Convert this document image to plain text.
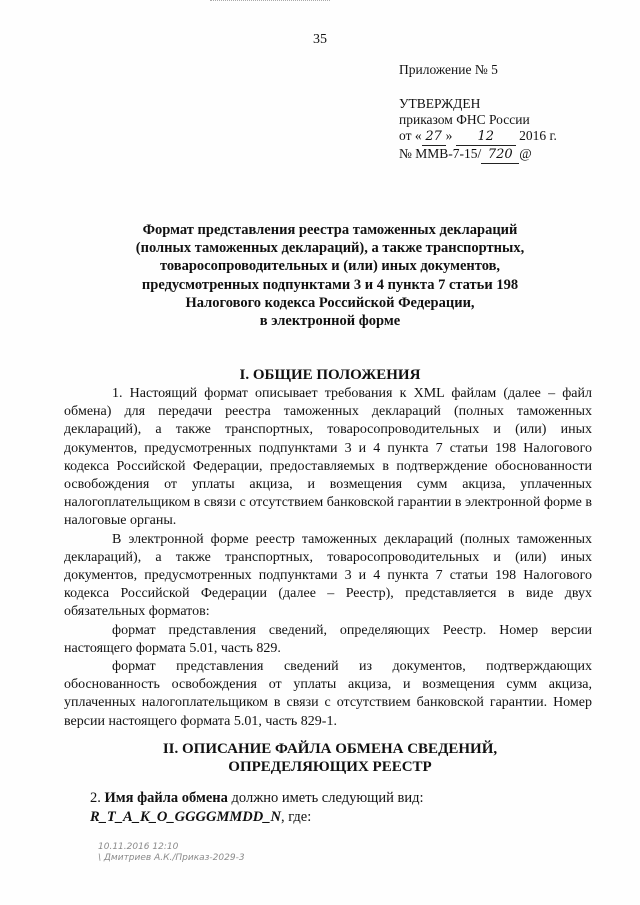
35
Приложение № 5
УТВЕРЖДЕН
приказом ФНС России
от « 27 » 12 2016 г.
№ ММВ-7-15/ 720 @
Формат представления реестра таможенных деклараций
(полных таможенных деклараций), а также транспортных,
товаросопроводительных и (или) иных документов,
предусмотренных подпунктами 3 и 4 пункта 7 статьи 198
Налогового кодекса Российской Федерации,
в электронной форме
I. ОБЩИЕ ПОЛОЖЕНИЯ

1. Настоящий формат описывает требования к XML файлам (далее – файл обмена) для передачи реестра таможенных деклараций (полных таможенных деклараций), а также транспортных, товаросопроводительных и (или) иных документов, предусмотренных подпунктами 3 и 4 пункта 7 статьи 198 Налогового кодекса Российской Федерации, предоставляемых в подтверждение обоснованности освобождения от уплаты акциза, и возмещения сумм акциза, уплаченных налогоплательщиком в связи с отсутствием банковской гарантии в электронной форме в налоговые органы.

В электронной форме реестр таможенных деклараций (полных таможенных деклараций), а также транспортных, товаросопроводительных и (или) иных документов, предусмотренных подпунктами 3 и 4 пункта 7 статьи 198 Налогового кодекса Российской Федерации (далее – Реестр), представляется в виде двух обязательных форматов:

формат представления сведений, определяющих Реестр. Номер версии настоящего формата 5.01, часть 829.

формат представления сведений из документов, подтверждающих обоснованность освобождения от уплаты акциза, и возмещения сумм акциза, уплаченных налогоплательщиком в связи с отсутствием банковской гарантии. Номер версии настоящего формата 5.01, часть 829-1.

II. ОПИСАНИЕ ФАЙЛА ОБМЕНА СВЕДЕНИЙ,
ОПРЕДЕЛЯЮЩИХ РЕЕСТР
2. Имя файла обмена должно иметь следующий вид:
R_T_A_K_O_GGGGMMDD_N, где:
10.11.2016 12:10
\ Дмитриев А.К./Приказ-2029-3
